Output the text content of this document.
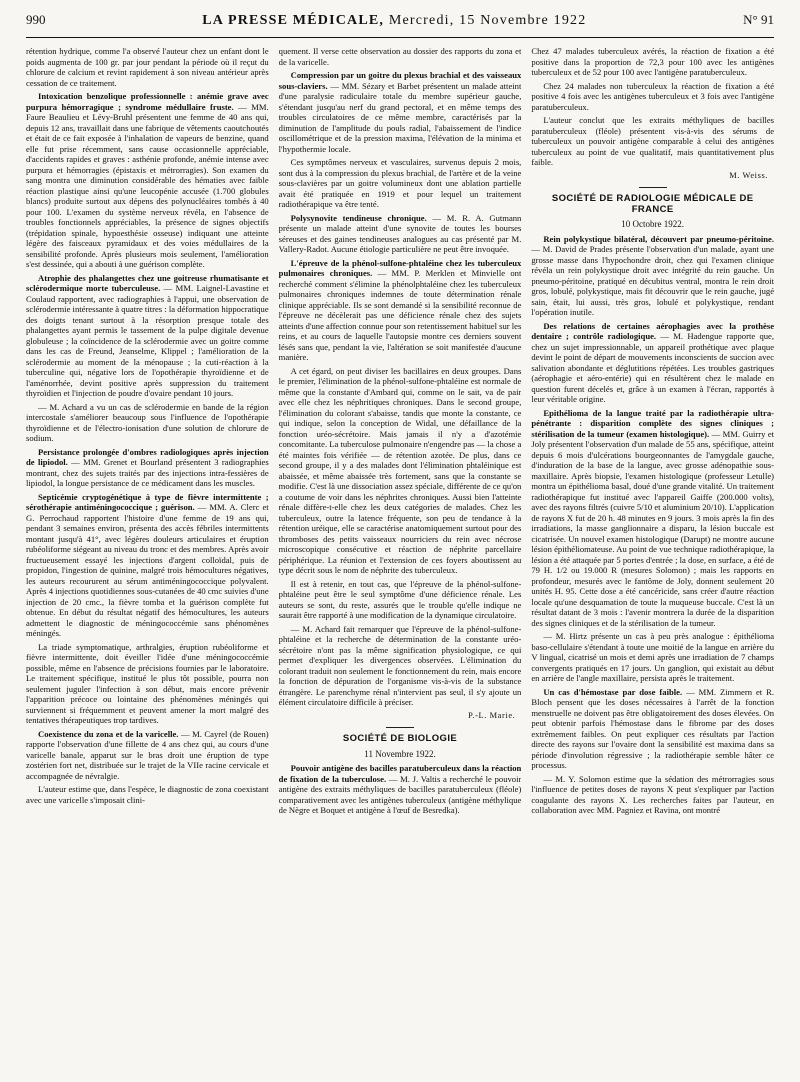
990	LA PRESSE MÉDICALE, Mercredi, 15 Novembre 1922	N° 91
rétention hydrique, comme l'a observé l'auteur chez un enfant dont le poids augmenta de 100 gr. par jour pendant la période où il reçut du chlorure de calcium et revint rapidement à son niveau antérieur après cessation de ce traitement.
Intoxication benzolique professionnelle : anémie grave avec purpura hémorragique ; syndrome médullaire fruste. — MM. Faure Beaulieu et Lévy-Bruhl présentent une femme de 40 ans qui, depuis 12 ans, travaillait dans une fabrique de vêtements caoutchoutés et était de ce fait exposée à l'inhalation de vapeurs de benzine, quand elle fut prise récemment, sans cause occasionnelle appréciable, d'accidents rapides et graves : asthénie profonde, anémie intense avec purpura et hémorragies (épistaxis et métrorragies). Son examen du sang montra une diminution considérable des hématies avec faible réaction plastique ainsi qu'une leucopénie accusée (1.700 globules blancs) produite surtout aux dépens des polynucléaires tombés à 40 pour 100. L'examen du système nerveux révéla, en l'absence de troubles fonctionnels appréciables, la présence de signes objectifs (trépidation spinale, hypoesthésie osseuse) indiquant une atteinte légère des faisceaux pyramidaux et des voies médullaires de la sensibilité profonde. Après plusieurs mois seulement, l'amélioration s'est dessinée, qui a abouti à une guérison complète.
Atrophie des phalangettes chez une goitreuse rhumatisante et sclérodermique morte tuberculeuse. — MM. Laignel-Lavastine et Coulaud rapportent, avec radiographies à l'appui, une observation de sclérodermie intéressante à quatre titres : la déformation hippocratique des doigts tenant surtout à la résorption presque totale des phalangettes ayant permis le tassement de la pulpe digitale devenue globuleuse ; la coïncidence de la sclérodermie avec un goitre comme dans les cas de Freund, Jeanselme, Klippel ; l'amélioration de la sclérodermie au moment de la ménopause ; la cuti-réaction à la tuberculine qui, négative lors de l'opothérapie thyroïdienne et de l'aménorrhée, devint positive après suppression du traitement thyroïdien et l'injection de poudre d'ovaire pendant 10 jours.
— M. Achard a vu un cas de sclérodermie en bande de la région intercostale s'améliorer beaucoup sous l'influence de l'opothérapie thyroïdienne et de l'électro-ionisation d'une solution de chlorure de sodium.
Persistance prolongée d'ombres radiologiques après injection de lipiodol. — MM. Grenet et Bourland présentent 3 radiographies montrant, chez des sujets traités par des injections intra-fessières de lipiodol, la longue persistance de ce médicament dans les muscles.
Septicémie cryptogénétique à type de fièvre intermittente ; sérothérapie antiméningococcique ; guérison. — MM. A. Clerc et G. Perrochaud rapportent l'histoire d'une femme de 19 ans qui, pendant 3 semaines environ, présenta des accès fébriles intermittents montant jusqu'à 41°, avec légères douleurs articulaires et éruption rubéoliforme siégeant au niveau du tronc et des membres. Après avoir fructueusement essayé les injections d'argent colloïdal, puis de propidon, l'ingestion de quinine, malgré trois hémocultures négatives, les auteurs recoururent au sérum antiméningococcique polyvalent. Après 4 injections quotidiennes sous-cutanées de 40 cmc suivies d'une injection de 20 cmc., la fièvre tomba et la guérison complète fut obtenue. En début du résultat négatif des hémocultures, les auteurs admettent le diagnostic de méningococcémie sans phénomènes méningés.
La triade symptomatique, arthralgies, éruption rubéoliforme et fièvre intermittente, doit éveiller l'idée d'une méningococcémie possible, même en l'absence de précisions fournies par le laboratoire. Le traitement spécifique, institué le plus tôt possible, pourra non seulement juguler l'infection à son début, mais encore prévenir l'apparition précoce ou lointaine des phénomènes méningés qui surviennent si fréquemment et peuvent amener la mort malgré des tentatives thérapeutiques trop tardives.
Coexistence du zona et de la varicelle. — M. Cayrel (de Rouen) rapporte l'observation d'une fillette de 4 ans chez qui, au cours d'une varicelle banale, apparut sur le bras droit une éruption de type zostérien fort net, distribuée sur le trajet de la VIIe racine cervicale et accompagnée de névralgie.
L'auteur estime que, dans l'espèce, le diagnostic de zona coexistant avec une varicelle s'imposait clini-
quement. Il verse cette observation au dossier des rapports du zona et de la varicelle.
Compression par un goitre du plexus brachial et des vaisseaux sous-claviers. — MM. Sézary et Barbet présentent un malade atteint d'une paralysie radiculaire totale du membre supérieur gauche, s'étendant jusqu'au nerf du grand pectoral, et en même temps des troubles circulatoires de ce même membre, caractérisés par la diminution de l'amplitude du pouls radial, l'abaissement de l'indice oscillométrique et de la pression maxima, l'élévation de la minima et l'hypothermie locale.
Ces symptômes nerveux et vasculaires, survenus depuis 2 mois, sont dus à la compression du plexus brachial, de l'artère et de la veine sous-clavières par un goitre volumineux dont une ablation partielle avait été pratiquée en 1919 et pour lequel un traitement radiothérapique va être tenté.
Polysynovite tendineuse chronique. — M. R. A. Gutmann présente un malade atteint d'une synovite de toutes les bourses séreuses et des gaines tendineuses analogues au cas présenté par M. Vallery-Radot. Aucune étiologie particulière ne peut être invoquée.
L'épreuve de la phénol-sulfone-phtaléine chez les tuberculeux pulmonaires chroniques. — MM. P. Merklen et Minvielle ont recherché comment s'élimine la phénolphtaléine chez les tuberculeux pulmonaires chroniques indemnes de toute détermination rénale clinique appréciable. Ils se sont demandé si la sensibilité reconnue de l'épreuve ne décèlerait pas une déficience rénale chez des sujets atteints d'une affection connue pour son retentissement habituel sur les reins, et au cours de laquelle l'autopsie montre ces derniers souvent lésés sans que, pendant la vie, l'altération se soit manifestée d'aucune manière.
A cet égard, on peut diviser les bacillaires en deux groupes. Dans le premier, l'élimination de la phénol-sulfone-phtaléine est normale de même que la constante d'Ambard qui, comme on le sait, va de pair avec elle chez les néphritiques chroniques. Dans le second groupe, l'élimination du colorant s'abaisse, tandis que monte la constante, ce qui indique, selon la conception de Widal, une défaillance de la fonction uréo-sécrétoire. Mais jamais il n'y a d'azotémie concomitante. La tuberculose pulmonaire n'engendre pas — la chose a été maintes fois vérifiée — de rétention azotée. De plus, dans ce second groupe, il y a des malades dont l'élimination phtaléinique est abaissée, et même abaissée très fortement, sans que la constante se modifie. C'est là une dissociation assez spéciale, différente de ce qu'on a coutume de voir dans les néphrites chroniques. Aussi bien l'atteinte rénale diffère-t-elle chez les deux catégories de malades. Chez les tuberculeux, outre la latence fréquente, son peu de tendance à la rétention uréique, elle se caractérise anatomiquement surtout pour des thromboses des petits vaisseaux nourriciers du rein avec nécrose microscopique consécutive et réaction de néphrite parcellaire périphérique. La réunion et l'extension de ces foyers aboutissent au type décrit sous le nom de néphrite des tuberculeux.
Il est à retenir, en tout cas, que l'épreuve de la phénol-sulfone-phtaléine peut être le seul symptôme d'une déficience rénale. Les auteurs se sont, du reste, assurés que le trouble qu'elle indique ne saurait être rapporté à une modification de la dynamique circulatoire.
— M. Achard fait remarquer que l'épreuve de la phénol-sulfone-phtaléine et la recherche de détermination de la constante uréo-sécrétoire n'ont pas la même signification physiologique, ce qui permet d'expliquer les divergences observées. L'élimination du colorant traduit non seulement le fonctionnement du rein, mais encore la fonction de dépuration de l'organisme vis-à-vis de la substance étrangère. Le parenchyme rénal n'intervient pas seul, il s'y ajoute un élément circulatoire difficile à préciser.
P.-L. Marie.
SOCIÉTÉ DE BIOLOGIE
11 Novembre 1922.
Pouvoir antigène des bacilles paratuberculeux dans la réaction de fixation de la tuberculose. — M. J. Valtis a recherché le pouvoir antigène des extraits méthyliques de bacilles paratuberculeux (fléole) comparativement avec les antigènes tuberculeux (antigène méthylique de Nègre et Boquet et antigène à l'œuf de Besredka).
Chez 47 malades tuberculeux avérés, la réaction de fixation a été positive dans la proportion de 72,3 pour 100 avec les antigènes tuberculeux et de 52 pour 100 avec l'antigène paratuberculeux.
Chez 24 malades non tuberculeux la réaction de fixation a été positive 4 fois avec les antigènes tuberculeux et 3 fois avec l'antigène paratuberculeux.
L'auteur conclut que les extraits méthyliques de bacilles paratuberculeux (fléole) présentent vis-à-vis des sérums de tuberculeux un pouvoir antigène comparable à celui des antigènes tuberculeux au point de vue qualitatif, mais quantitativement plus faible.
M. Weiss.
SOCIÉTÉ DE RADIOLOGIE MÉDICALE DE FRANCE
10 Octobre 1922.
Rein polykystique bilatéral, découvert par pneumo-péritoine. — M. David de Prades présente l'observation d'un malade, ayant une grosse masse dans l'hypochondre droit, chez qui l'examen clinique révéla un rein polykystique droit avec intégrité du rein gauche. Un pneumo-péritoine, pratiqué en décubitus ventral, montra le rein droit gros, lobulé, polykystique, mais fit découvrir que le rein gauche, jugé sain, était, lui aussi, très gros, lobulé et polykystique, rendant l'opération inutile.
Des relations de certaines aérophagies avec la prothèse dentaire ; contrôle radiologique. — M. Hadengue rapporte que, chez un sujet impressionnable, un appareil prothétique avec plaque devint le point de départ de mouvements inconscients de succion avec salivation abondante et déglutitions répétées. Les troubles gastriques (aérophagie et aéro-entérie) qui en résultèrent chez le malade en question furent décelés et, grâce à un examen à l'écran, rapportés à leur véritable origine.
Epithélioma de la langue traité par la radiothérapie ultra-pénétrante : disparition complète des signes cliniques ; stérilisation de la tumeur (examen histologique). — MM. Guirry et Joly présentent l'observation d'un malade de 55 ans, spécifique, atteint depuis 6 mois d'ulcérations bourgeonnantes de l'amygdale gauche, d'induration de la base de la langue, avec grosse adénopathie sous-maxillaire. Après biopsie, l'examen histologique (professeur Letulle) montra un épithélioma basal, doué d'une grande vitalité. Un traitement radiothérapique fut institué avec l'appareil Gaiffe (200.000 volts), avec des rayons filtrés (cuivre 5/10 et aluminium 20/10). L'application de rayons X fut de 20 h. 48 minutes en 9 jours. 3 mois après la fin des irradiations, la masse ganglionnaire a disparu, la lésion buccale est cicatrisée. Un nouvel examen histologique (Darupt) ne montre aucune lésion épithéliomateuse. Au point de vue technique radiothérapique, la lésion a été attaquée par 5 portes d'entrée ; la dose, en surface, a été de 79 H. 1/2 ou 19.000 R (mesures Solomon) ; mais les rapports en profondeur, mesurés avec le fantôme de Joly, donnent seulement 20 unités H. 95. Cette dose a été cancéricide, sans créer d'autre réaction locale qu'une desquamation de toute la muqueuse buccale. C'est là un résultat datant de 3 mois : l'avenir montrera la durée de la disparition des signes cliniques et de la stérilisation de la tumeur.
— M. Hirtz présente un cas à peu près analogue : épithélioma baso-cellulaire s'étendant à toute une moitié de la langue en arrière du V lingual, cicatrisé un mois et demi après une irradiation de 7 champs convergents pratiqués en 17 jours. Un ganglion, qui existait au début en arrière de l'angle maxillaire, persista après le traitement.
Un cas d'hémostase par dose faible. — MM. Zimmern et R. Bloch pensent que les doses nécessaires à l'arrêt de la fonction menstruelle ne doivent pas être obligatoirement des doses élevées. On peut obtenir parfois l'hémostase dans le fibrome par des doses extrêmement faibles. On peut expliquer ces résultats par l'action directe des rayons sur l'ovaire dont la sensibilité est maxima dans sa période d'involution régressive ; la radiothérapie semble hâter ce processus.
— M. Y. Solomon estime que la sédation des métrorragies sous l'influence de petites doses de rayons X peut s'expliquer par l'action coagulante des rayons X. Les recherches faites par l'auteur, en collaboration avec MM. Pagniez et Ravina, ont montré
